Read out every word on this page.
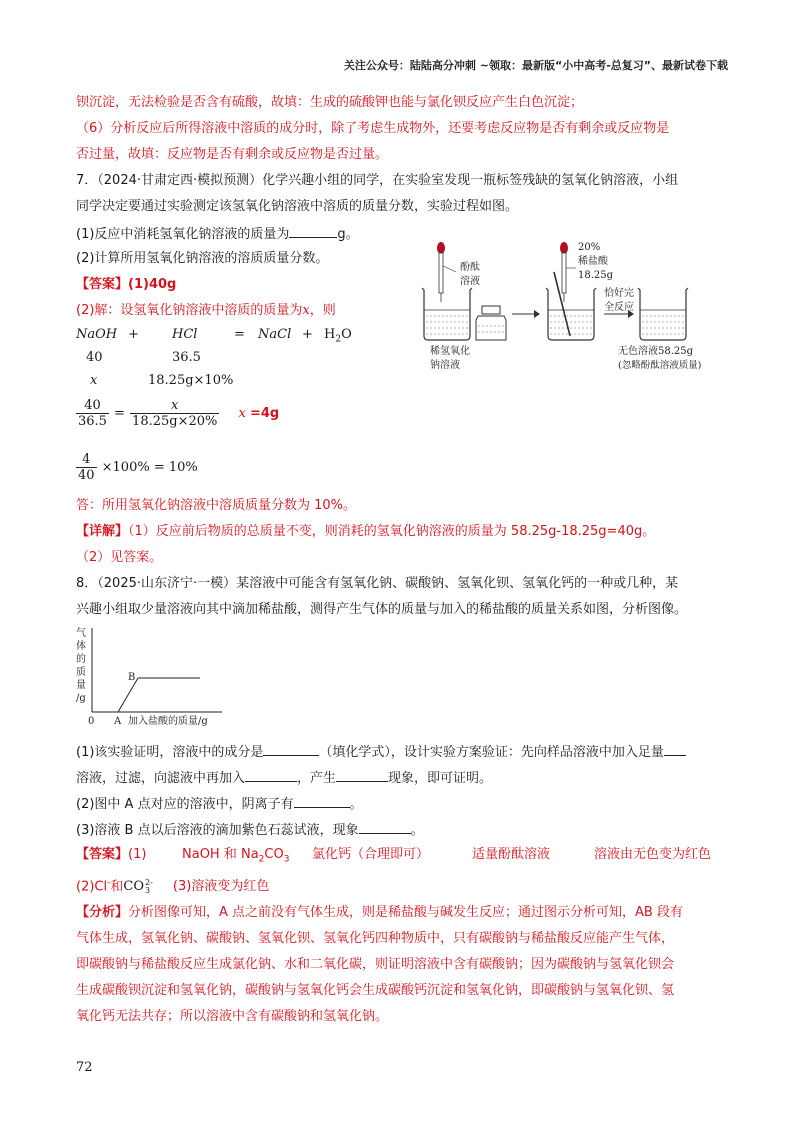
关注公众号：陆陆高分冲刺 ~领取：最新版“小中高考-总复习”、最新试卷下载
钡沉淀，无法检验是否含有硫酸，故填：生成的硫酸钾也能与氯化钡反应产生白色沉淀；
（6）分析反应后所得溶液中溶质的成分时，除了考虑生成物外，还要考虑反应物是否有剩余或反应物是
否过量，故填：反应物是否有剩余或反应物是否过量。
7．（2024·甘肃定西·模拟预测）化学兴趣小组的同学，在实验室发现一瓶标签残缺的氢氧化钠溶液，小组
同学决定要通过实验测定该氢氧化钠溶液中溶质的质量分数，实验过程如图。
(1)反应中消耗氢氧化钠溶液的质量为	g。
(2)计算所用氢氧化钠溶液的溶质质量分数。
【答案】(1)40g
(2)解：设氢氧化钠溶液中溶质的质量为x，则
NaOH +	HCl	= NaCl + $H_2O$
40	36.5
x	18.25g×10%
$\frac{40}{36.5} = \frac{x}{18.25g\times 20\%}$ x =4g
$\frac{4}{40} \times 100\% = 10\%$
答：所用氢氧化钠溶液中溶质质量分数为 10%。
【详解】（1）反应前后物质的总质量不变，则消耗的氢氧化钠溶液的质量为 58.25g-18.25g=40g。
（2）见答案。
酚酞
溶液
稀氢氧化
钠溶液
20%
稀盐酸
18.25g
恰好完
全反应
无色溶液58.25g
(忽略酚酞溶液质量)
8．（2025·山东济宁·一模）某溶液中可能含有氢氧化钠、碳酸钠、氢氧化钡、氢氧化钙的一种或几种，某
兴趣小组取少量溶液向其中滴加稀盐酸，测得产生气体的质量与加入的稀盐酸的质量关系如图，分析图像。
气
体
的
质
量
/g
B
0 A 加入盐酸的质量/g
(1)该实验证明，溶液中的成分是	（填化学式），设计实验方案验证：先向样品溶液中加入足量
溶液，过滤，向滤液中再加入	，产生	现象，即可证明。
(2)图中 A 点对应的溶液中，阴离子有	。
(3)溶液 B 点以后溶液的滴加紫色石蕊试液，现象	。
【答案】(1)	NaOH 和 $Na_2CO_3$ 氯化钙（合理即可）	适量酚酞溶液	溶液由无色变为红色
(2)Cl-和CO 2-
3 (3)溶液变为红色
【分析】分析图像可知，A 点之前没有气体生成，则是稀盐酸与碱发生反应；通过图示分析可知，AB 段有
气体生成，氢氧化钠、碳酸钠、氢氧化钡、氢氧化钙四种物质中，只有碳酸钠与稀盐酸反应能产生气体，
即碳酸钠与稀盐酸反应生成氯化钠、水和二氧化碳，则证明溶液中含有碳酸钠；因为碳酸钠与氢氧化钡会
生成碳酸钡沉淀和氢氧化钠，碳酸钠与氢氧化钙会生成碳酸钙沉淀和氢氧化钠，即碳酸钠与氢氧化钡、氢
氧化钙无法共存；所以溶液中含有碳酸钠和氢氧化钠。
72
